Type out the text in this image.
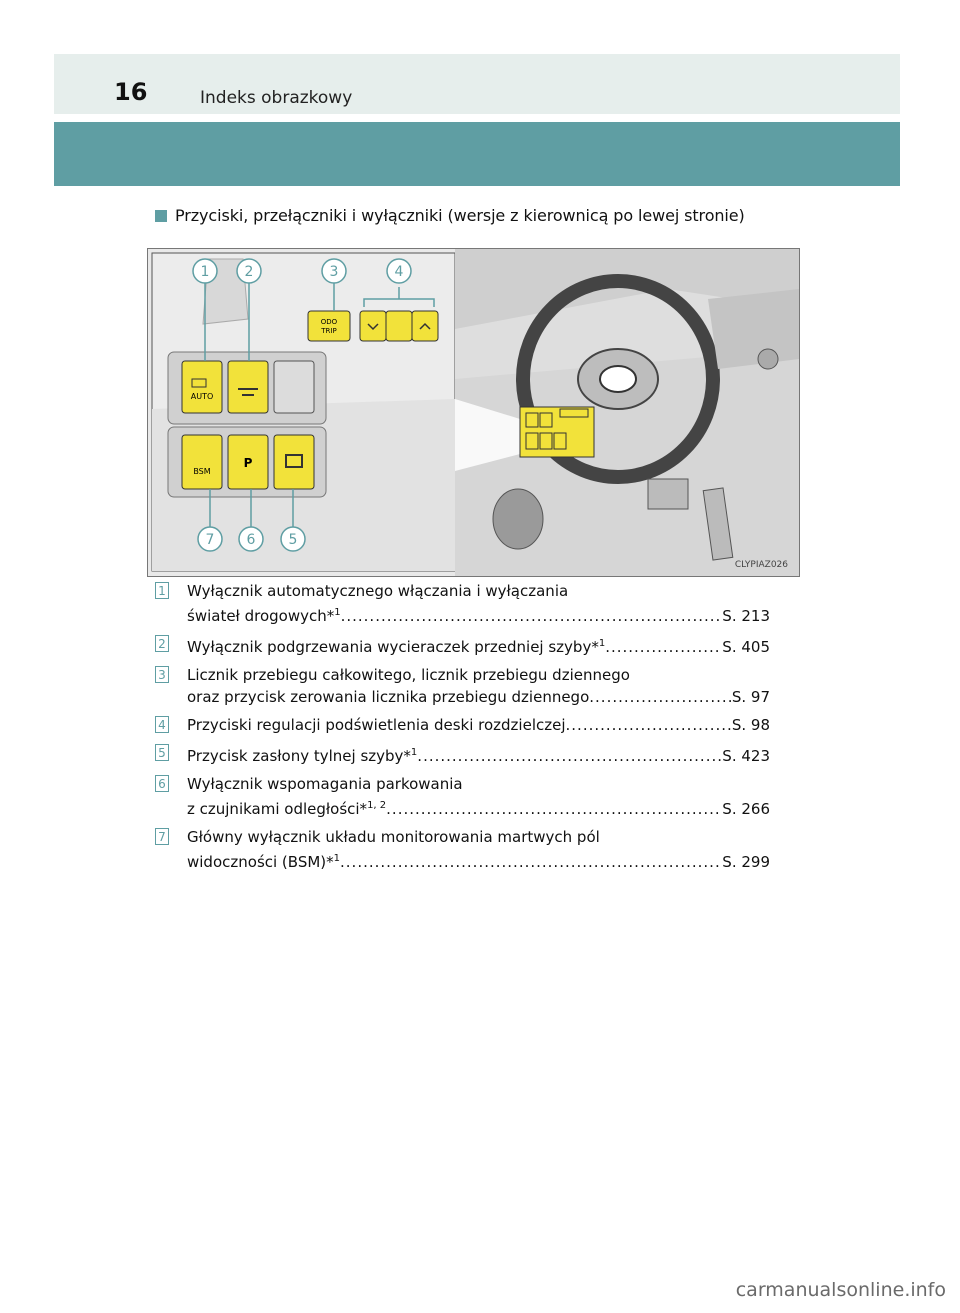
16	Indeks obrazkowy
Przyciski, przełączniki i wyłączniki (wersje z kierownicą po lewej stronie)
AUTO
BSM
P
ODO
TRIP
1	2	3	4
5
6
7
CLYPIAZ026
1 Wyłącznik automatycznego włączania i wyłączania
świateł drogowych*$^1$ .....	S. 213
2 Wyłącznik podgrzewania wycieraczek przedniej szyby*$^1$ .....	S. 405
3 Licznik przebiegu całkowitego, licznik przebiegu dziennego
oraz przycisk zerowania licznika przebiegu dziennego .....	S. 97
4 Przyciski regulacji podświetlenia deski rozdzielczej .....	S. 98
5 Przycisk zasłony tylnej szyby*$^1$ .....	S. 423
6 Wyłącznik wspomagania parkowania
z czujnikami odległości*$^{1, 2}$ .....	S. 266
7 Główny wyłącznik układu monitorowania martwych pól
widoczności (BSM)*$^1$ .....	S. 299
carmanualsonline.info
